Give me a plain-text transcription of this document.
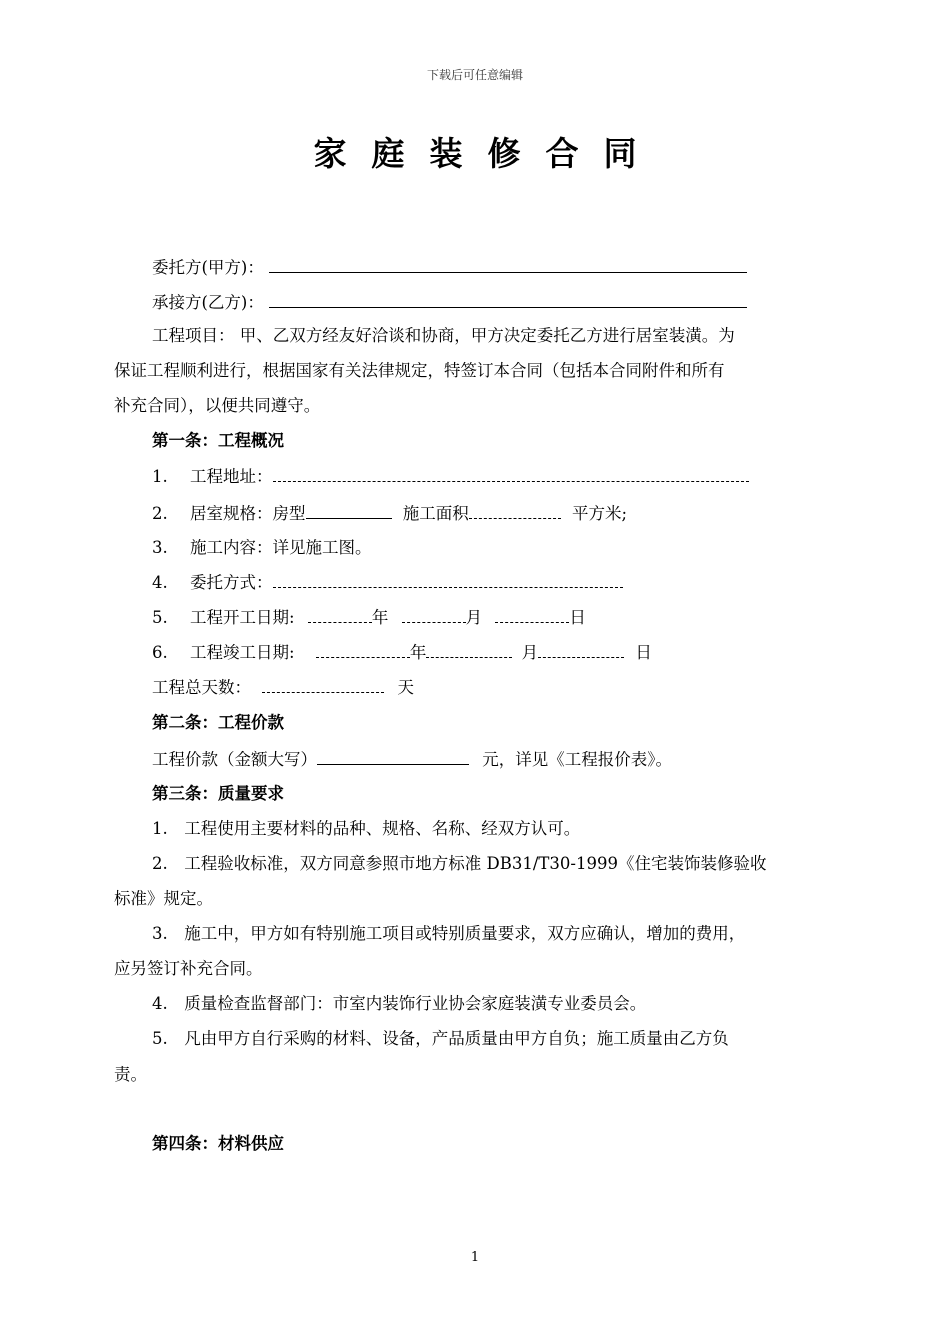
下载后可任意编辑
家庭装修合同
委托方(甲方)：
承接方(乙方)：
工程项目： 甲、乙双方经友好洽谈和协商，甲方决定委托乙方进行居室装潢。为
保证工程顺利进行，根据国家有关法律规定，特签订本合同（包括本合同附件和所有
补充合同），以便共同遵守。
第一条：工程概况
1. 工程地址：
2. 居室规格：房型	施工面积	平方米;
3. 施工内容：详见施工图。
4. 委托方式：
5. 工程开工日期:	年	月	日
6. 工程竣工日期:	年	月	日
工程总天数：	天
第二条：工程价款
工程价款（金额大写）	元，详见《工程报价表》。
第三条：质量要求
1.　工程使用主要材料的品种、规格、名称、经双方认可。
2.　工程验收标准，双方同意参照市地方标准 DB31/T30-1999《住宅装饰装修验收
标准》规定。
3.　施工中，甲方如有特别施工项目或特别质量要求，双方应确认，增加的费用，
应另签订补充合同。
4.　质量检查监督部门：市室内装饰行业协会家庭装潢专业委员会。
5.　凡由甲方自行采购的材料、设备，产品质量由甲方自负；施工质量由乙方负
责。
第四条：材料供应
1
